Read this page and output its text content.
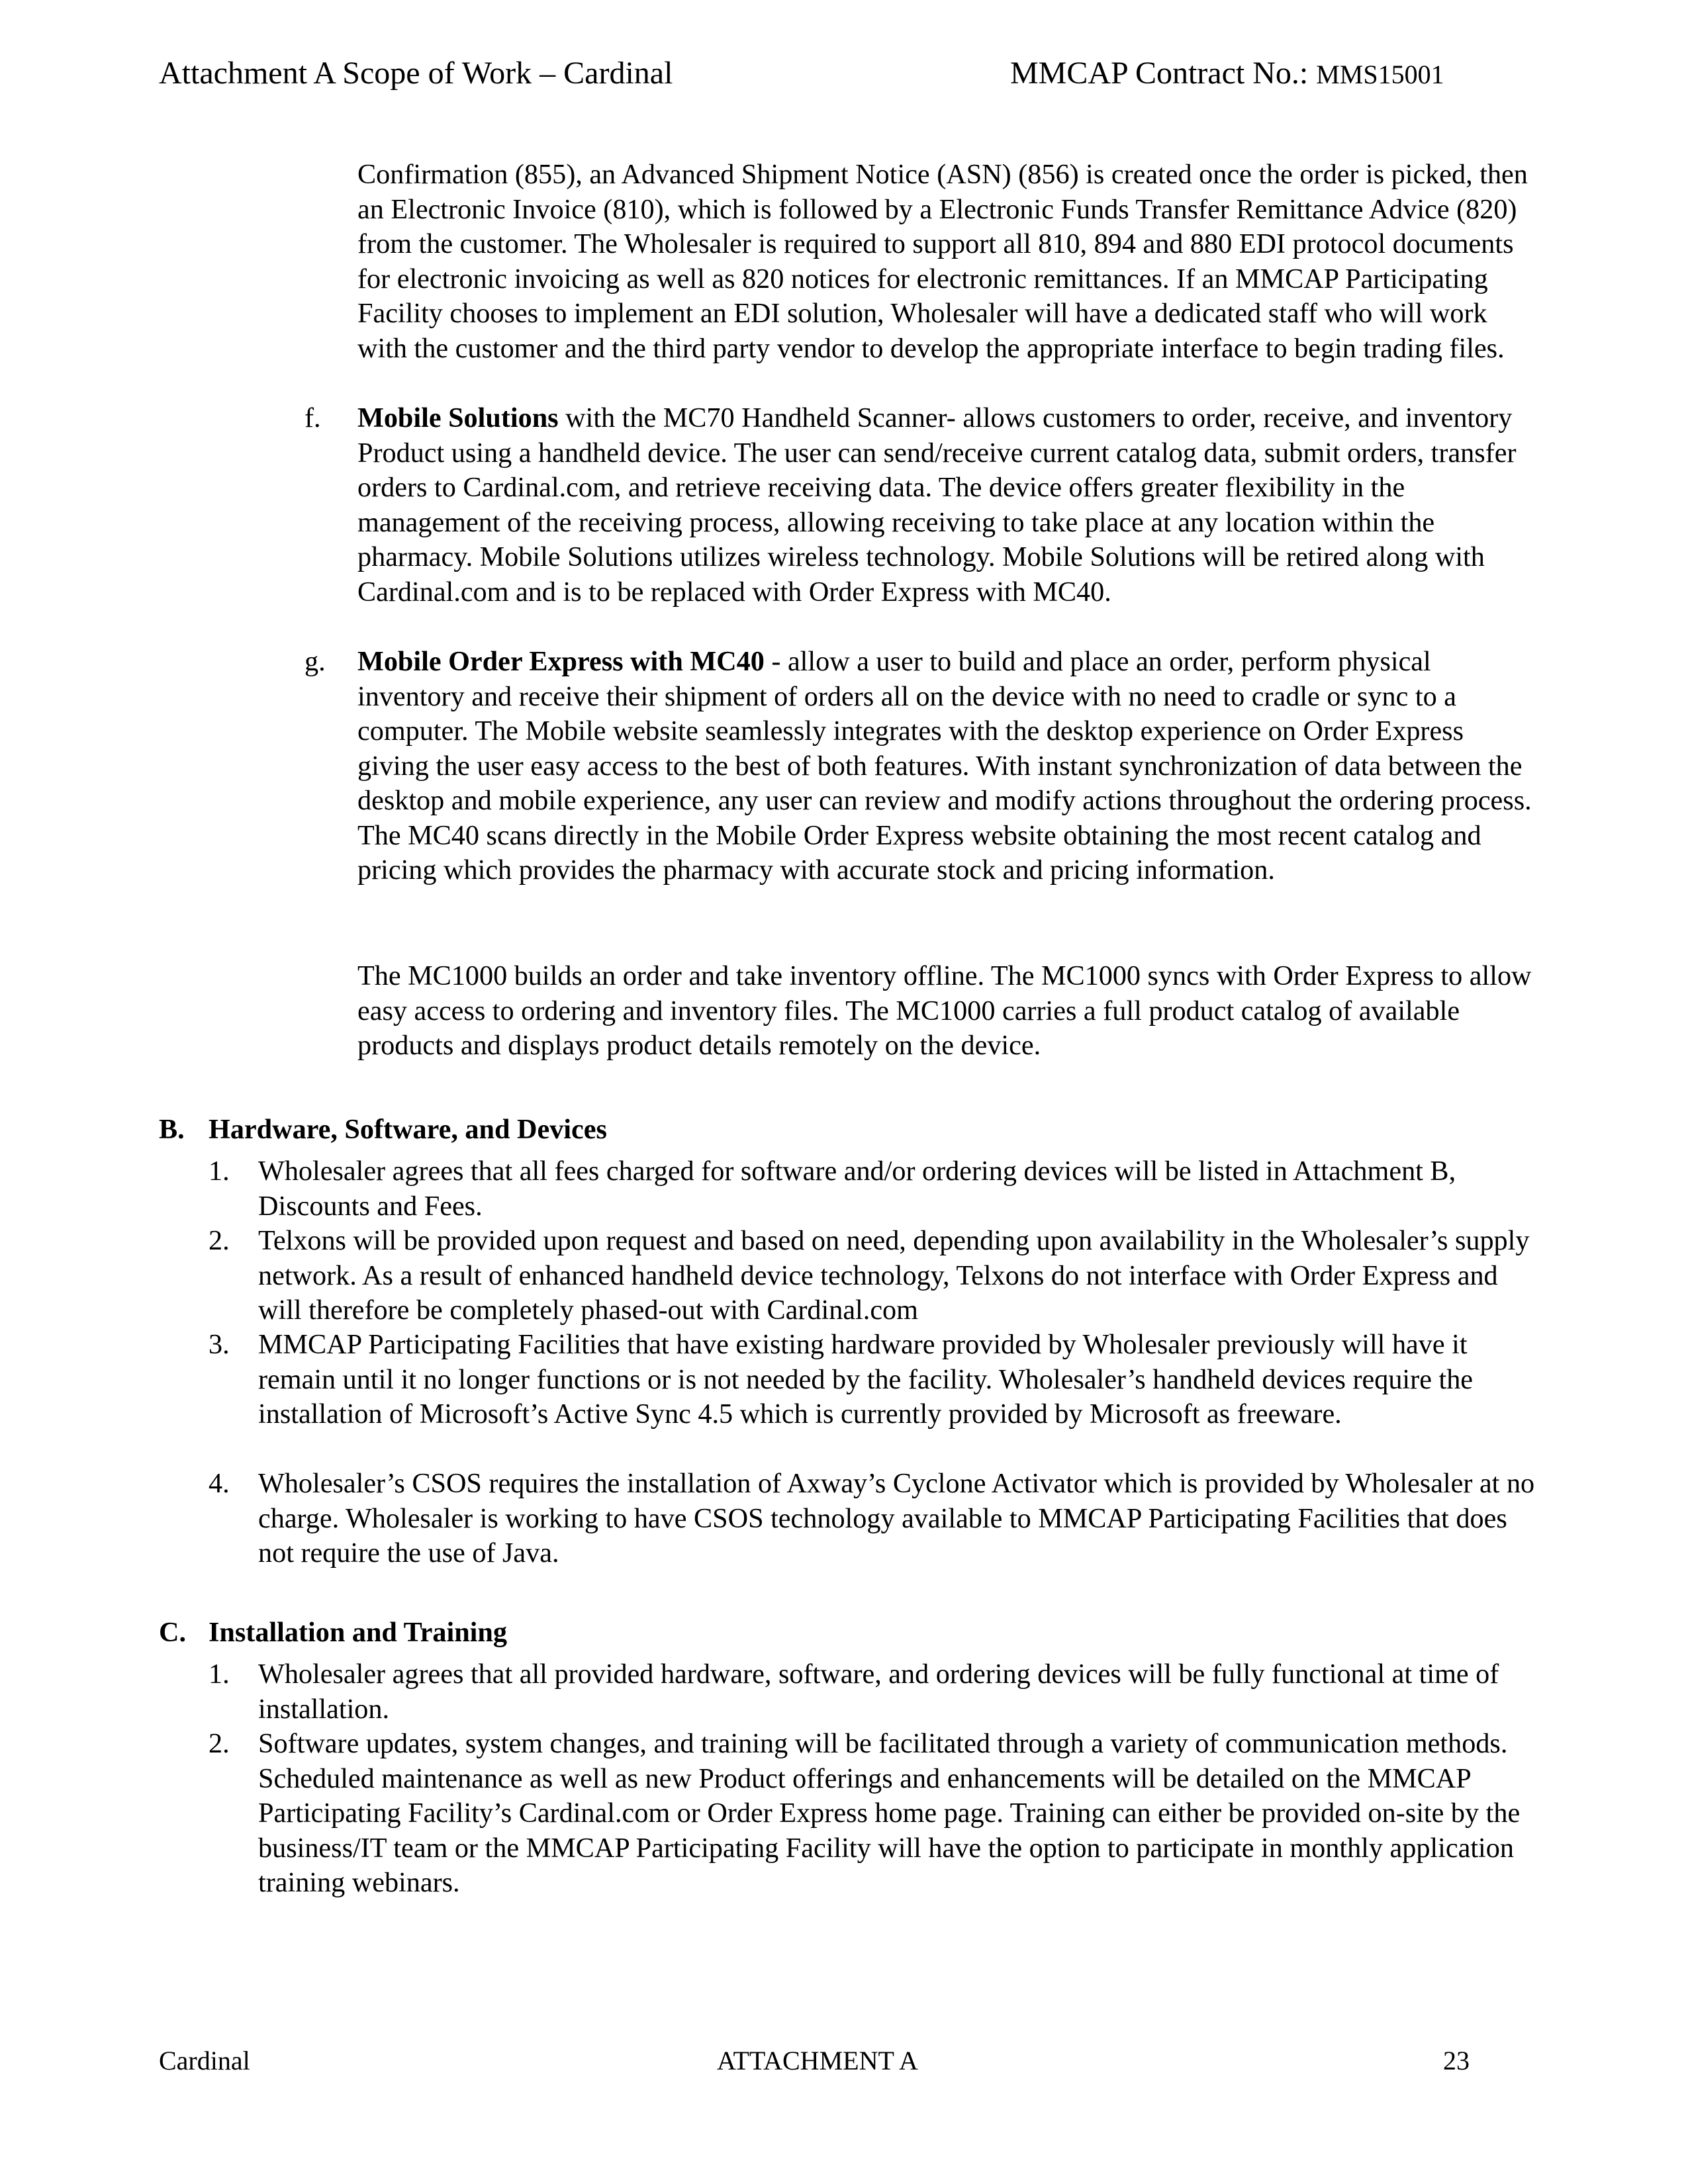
Attachment A Scope of Work – Cardinal	MMCAP Contract No.: MMS15001
Confirmation (855), an Advanced Shipment Notice (ASN) (856) is created once the order is picked, then an Electronic Invoice (810), which is followed by a Electronic Funds Transfer Remittance Advice (820) from the customer. The Wholesaler is required to support all 810, 894 and 880 EDI protocol documents for electronic invoicing as well as 820 notices for electronic remittances. If an MMCAP Participating Facility chooses to implement an EDI solution, Wholesaler will have a dedicated staff who will work with the customer and the third party vendor to develop the appropriate interface to begin trading files.
f. Mobile Solutions with the MC70 Handheld Scanner- allows customers to order, receive, and inventory Product using a handheld device. The user can send/receive current catalog data, submit orders, transfer orders to Cardinal.com, and retrieve receiving data. The device offers greater flexibility in the management of the receiving process, allowing receiving to take place at any location within the pharmacy. Mobile Solutions utilizes wireless technology. Mobile Solutions will be retired along with Cardinal.com and is to be replaced with Order Express with MC40.
g. Mobile Order Express with MC40 - allow a user to build and place an order, perform physical inventory and receive their shipment of orders all on the device with no need to cradle or sync to a computer. The Mobile website seamlessly integrates with the desktop experience on Order Express giving the user easy access to the best of both features. With instant synchronization of data between the desktop and mobile experience, any user can review and modify actions throughout the ordering process. The MC40 scans directly in the Mobile Order Express website obtaining the most recent catalog and pricing which provides the pharmacy with accurate stock and pricing information.
The MC1000 builds an order and take inventory offline. The MC1000 syncs with Order Express to allow easy access to ordering and inventory files. The MC1000 carries a full product catalog of available products and displays product details remotely on the device.
B. Hardware, Software, and Devices
1. Wholesaler agrees that all fees charged for software and/or ordering devices will be listed in Attachment B, Discounts and Fees.
2. Telxons will be provided upon request and based on need, depending upon availability in the Wholesaler’s supply network. As a result of enhanced handheld device technology, Telxons do not interface with Order Express and will therefore be completely phased-out with Cardinal.com
3. MMCAP Participating Facilities that have existing hardware provided by Wholesaler previously will have it remain until it no longer functions or is not needed by the facility. Wholesaler’s handheld devices require the installation of Microsoft’s Active Sync 4.5 which is currently provided by Microsoft as freeware.
4. Wholesaler’s CSOS requires the installation of Axway’s Cyclone Activator which is provided by Wholesaler at no charge. Wholesaler is working to have CSOS technology available to MMCAP Participating Facilities that does not require the use of Java.
C. Installation and Training
1. Wholesaler agrees that all provided hardware, software, and ordering devices will be fully functional at time of installation.
2. Software updates, system changes, and training will be facilitated through a variety of communication methods. Scheduled maintenance as well as new Product offerings and enhancements will be detailed on the MMCAP Participating Facility’s Cardinal.com or Order Express home page. Training can either be provided on-site by the business/IT team or the MMCAP Participating Facility will have the option to participate in monthly application training webinars.
Cardinal	ATTACHMENT A	23
